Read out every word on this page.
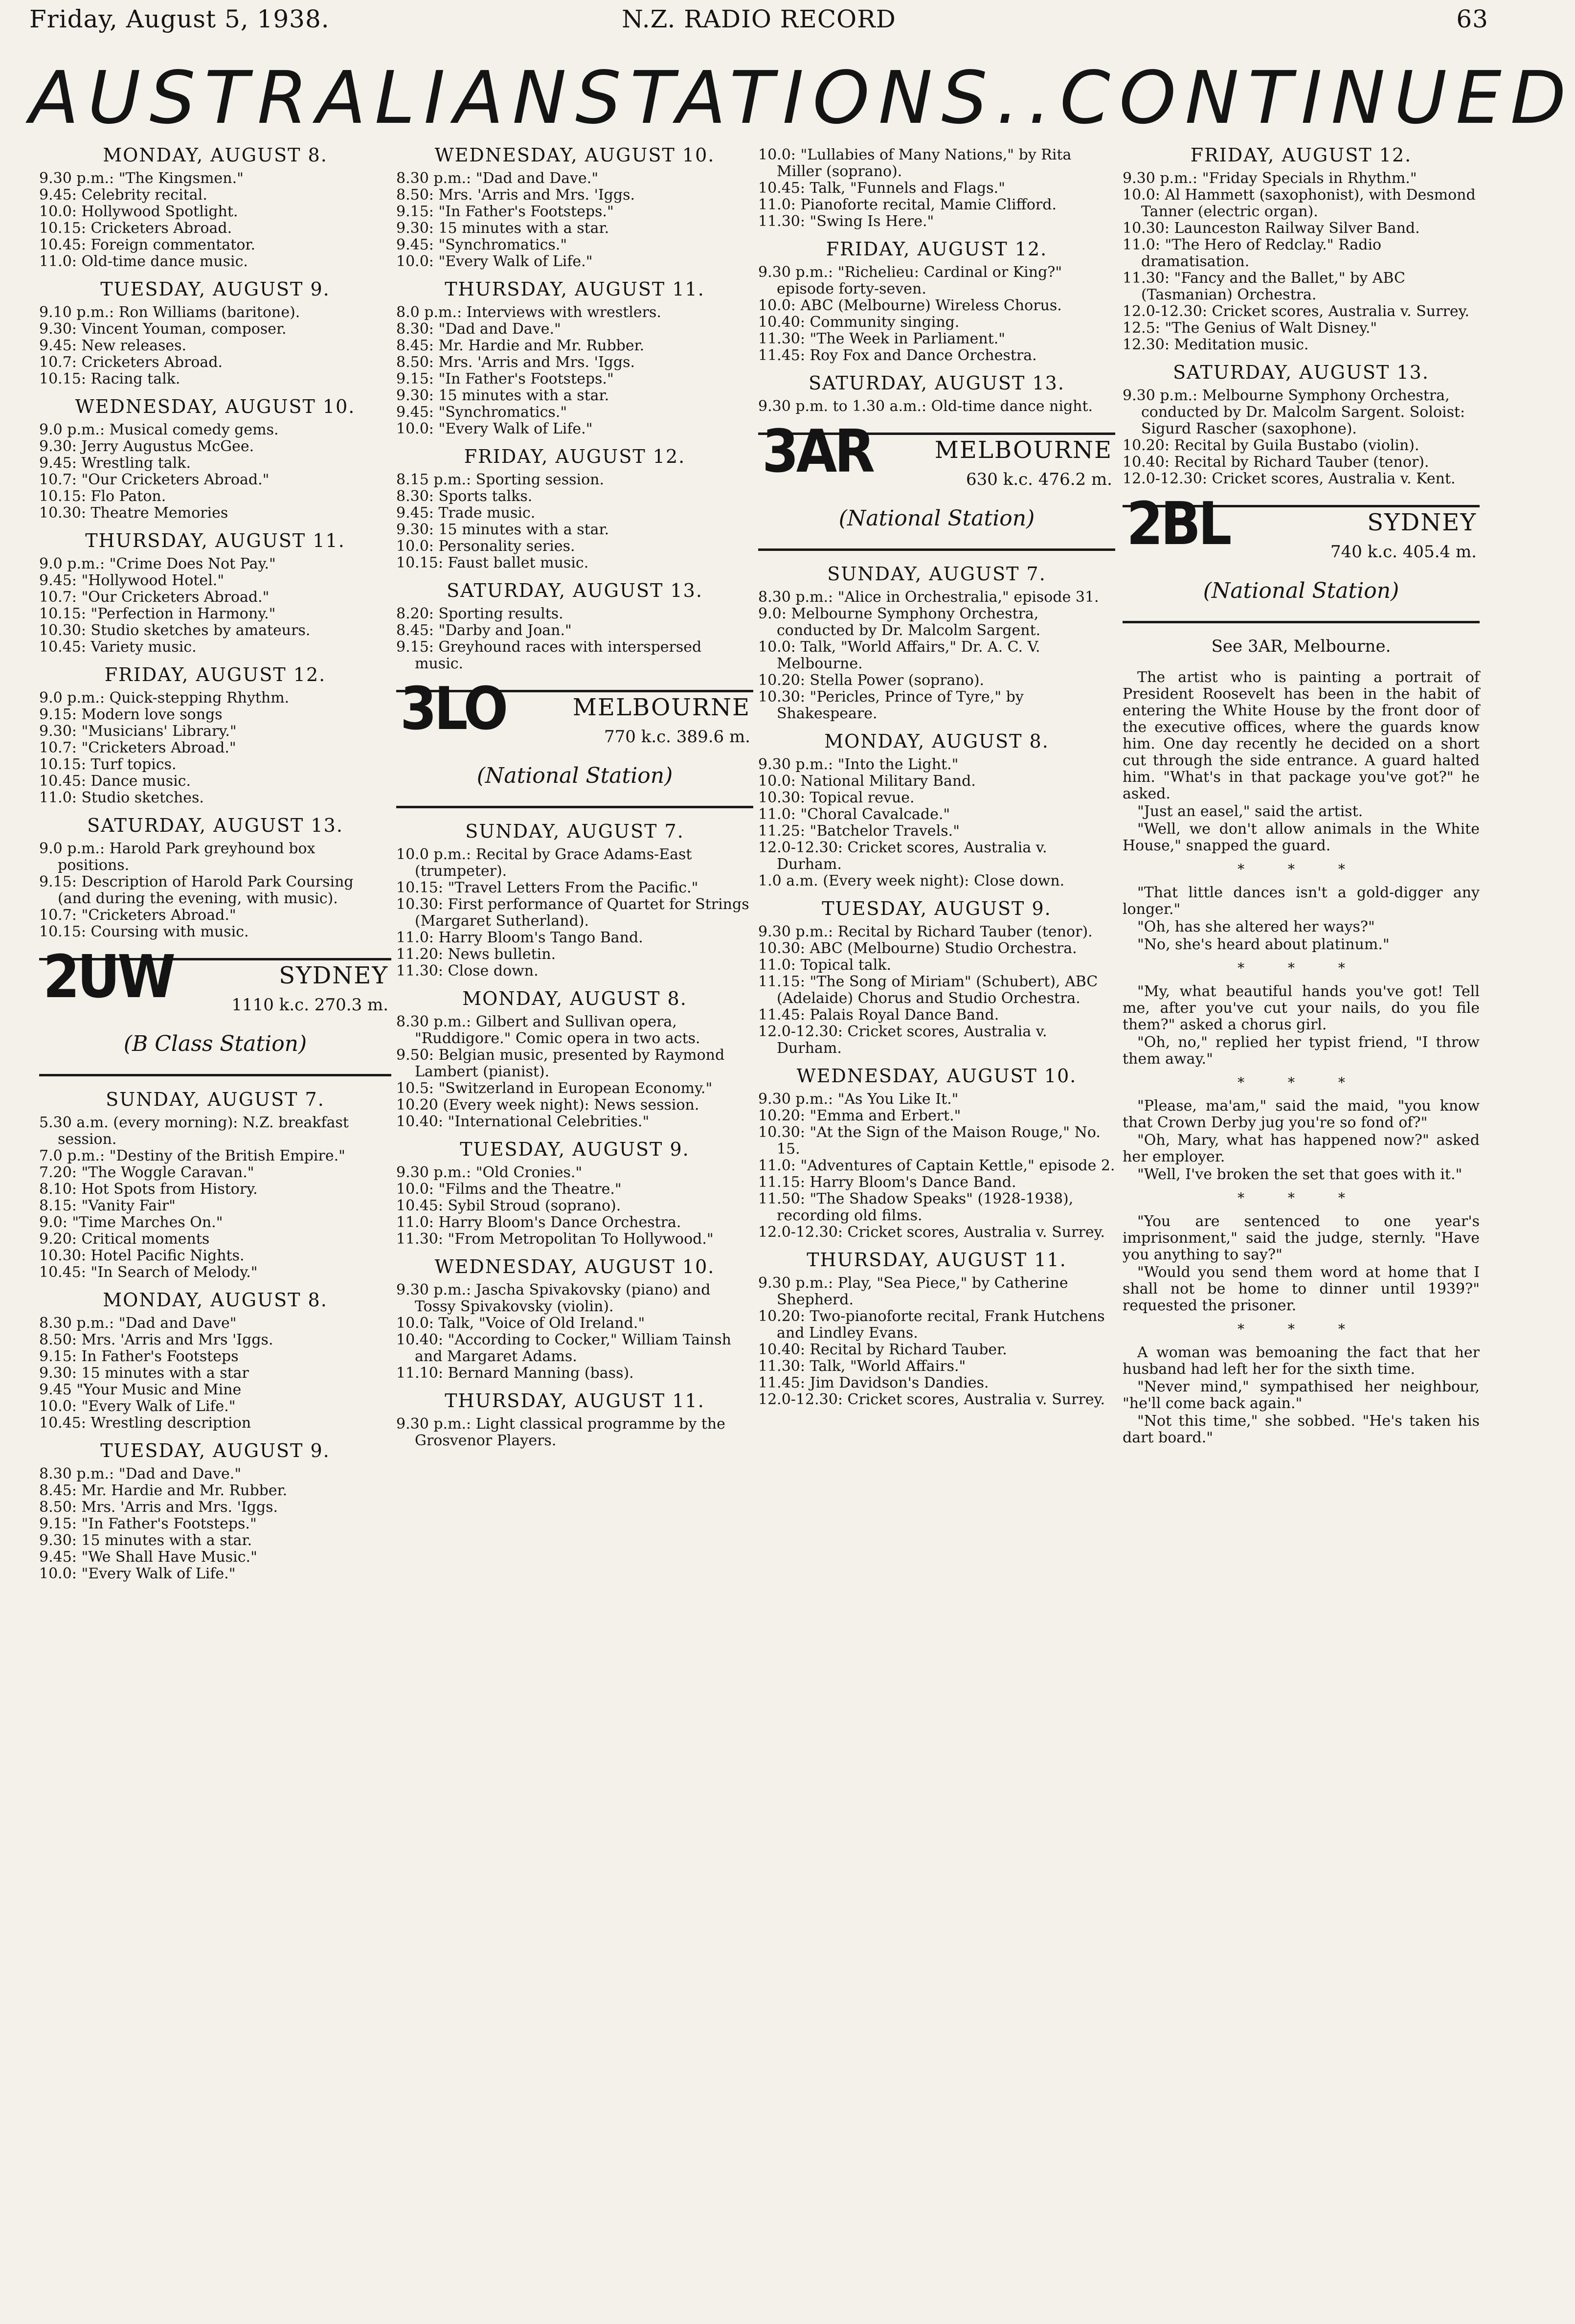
Friday, August 5, 1938.	N.Z. RADIO RECORD	63
AUSTRALIAN STATIONS . . CONTINUED
MONDAY, AUGUST 8.

9.30 p.m.: "The Kingsmen."

9.45: Celebrity recital.

10.0: Hollywood Spotlight.

10.15: Cricketers Abroad.

10.45: Foreign commentator.

11.0: Old-time dance music.

TUESDAY, AUGUST 9.

9.10 p.m.: Ron Williams (baritone).

9.30: Vincent Youman, composer.

9.45: New releases.

10.7: Cricketers Abroad.

10.15: Racing talk.

WEDNESDAY, AUGUST 10.

9.0 p.m.: Musical comedy gems.

9.30: Jerry Augustus McGee.

9.45: Wrestling talk.

10.7: "Our Cricketers Abroad."

10.15: Flo Paton.

10.30: Theatre Memories

THURSDAY, AUGUST 11.

9.0 p.m.: "Crime Does Not Pay."

9.45: "Hollywood Hotel."

10.7: "Our Cricketers Abroad."

10.15: "Perfection in Harmony."

10.30: Studio sketches by amateurs.

10.45: Variety music.

FRIDAY, AUGUST 12.

9.0 p.m.: Quick-stepping Rhythm.

9.15: Modern love songs

9.30: "Musicians' Library."

10.7: "Cricketers Abroad."

10.15: Turf topics.

10.45: Dance music.

11.0: Studio sketches.

SATURDAY, AUGUST 13.

9.0 p.m.: Harold Park greyhound box positions.

9.15: Description of Harold Park Coursing (and during the evening, with music).

10.7: "Cricketers Abroad."

10.15: Coursing with music.

2UW	SYDNEY
1110 k.c. 270.3 m.
(B Class Station)
SUNDAY, AUGUST 7.

5.30 a.m. (every morning): N.Z. breakfast session.

7.0 p.m.: "Destiny of the British Empire."

7.20: "The Woggle Caravan."

8.10: Hot Spots from History.

8.15: "Vanity Fair"

9.0: "Time Marches On."

9.20: Critical moments

10.30: Hotel Pacific Nights.

10.45: "In Search of Melody."

MONDAY, AUGUST 8.

8.30 p.m.: "Dad and Dave"

8.50: Mrs. 'Arris and Mrs 'Iggs.

9.15: In Father's Footsteps

9.30: 15 minutes with a star

9.45 "Your Music and Mine

10.0: "Every Walk of Life."

10.45: Wrestling description

TUESDAY, AUGUST 9.

8.30 p.m.: "Dad and Dave."

8.45: Mr. Hardie and Mr. Rubber.

8.50: Mrs. 'Arris and Mrs. 'Iggs.

9.15: "In Father's Footsteps."

9.30: 15 minutes with a star.

9.45: "We Shall Have Music."

10.0: "Every Walk of Life."

WEDNESDAY, AUGUST 10.

8.30 p.m.: "Dad and Dave."

8.50: Mrs. 'Arris and Mrs. 'Iggs.

9.15: "In Father's Footsteps."

9.30: 15 minutes with a star.

9.45: "Synchromatics."

10.0: "Every Walk of Life."

THURSDAY, AUGUST 11.

8.0 p.m.: Interviews with wrestlers.

8.30: "Dad and Dave."

8.45: Mr. Hardie and Mr. Rubber.

8.50: Mrs. 'Arris and Mrs. 'Iggs.

9.15: "In Father's Footsteps."

9.30: 15 minutes with a star.

9.45: "Synchromatics."

10.0: "Every Walk of Life."

FRIDAY, AUGUST 12.

8.15 p.m.: Sporting session.

8.30: Sports talks.

9.45: Trade music.

9.30: 15 minutes with a star.

10.0: Personality series.

10.15: Faust ballet music.

SATURDAY, AUGUST 13.

8.20: Sporting results.

8.45: "Darby and Joan."

9.15: Greyhound races with interspersed music.

3LO	MELBOURNE
770 k.c. 389.6 m.
(National Station)
SUNDAY, AUGUST 7.

10.0 p.m.: Recital by Grace Adams-East (trumpeter).

10.15: "Travel Letters From the Pacific."

10.30: First performance of Quartet for Strings (Margaret Sutherland).

11.0: Harry Bloom's Tango Band.

11.20: News bulletin.

11.30: Close down.

MONDAY, AUGUST 8.

8.30 p.m.: Gilbert and Sullivan opera, "Ruddigore." Comic opera in two acts.

9.50: Belgian music, presented by Raymond Lambert (pianist).

10.5: "Switzerland in European Economy."

10.20 (Every week night): News session.

10.40: "International Celebrities."

TUESDAY, AUGUST 9.

9.30 p.m.: "Old Cronies."

10.0: "Films and the Theatre."

10.45: Sybil Stroud (soprano).

11.0: Harry Bloom's Dance Orchestra.

11.30: "From Metropolitan To Hollywood."

WEDNESDAY, AUGUST 10.

9.30 p.m.: Jascha Spivakovsky (piano) and Tossy Spivakovsky (violin).

10.0: Talk, "Voice of Old Ireland."

10.40: "According to Cocker," William Tainsh and Margaret Adams.

11.10: Bernard Manning (bass).

THURSDAY, AUGUST 11.

9.30 p.m.: Light classical programme by the Grosvenor Players.

10.0: "Lullabies of Many Nations," by Rita Miller (soprano).

10.45: Talk, "Funnels and Flags."

11.0: Pianoforte recital, Mamie Clifford.

11.30: "Swing Is Here."

FRIDAY, AUGUST 12.

9.30 p.m.: "Richelieu: Cardinal or King?" episode forty-seven.

10.0: ABC (Melbourne) Wireless Chorus.

10.40: Community singing.

11.30: "The Week in Parliament."

11.45: Roy Fox and Dance Orchestra.

SATURDAY, AUGUST 13.

9.30 p.m. to 1.30 a.m.: Old-time dance night.

3AR	MELBOURNE
630 k.c. 476.2 m.
(National Station)
SUNDAY, AUGUST 7.

8.30 p.m.: "Alice in Orchestralia," episode 31.

9.0: Melbourne Symphony Orchestra, conducted by Dr. Malcolm Sargent.

10.0: Talk, "World Affairs," Dr. A. C. V. Melbourne.

10.20: Stella Power (soprano).

10.30: "Pericles, Prince of Tyre," by Shakespeare.

MONDAY, AUGUST 8.

9.30 p.m.: "Into the Light."

10.0: National Military Band.

10.30: Topical revue.

11.0: "Choral Cavalcade."

11.25: "Batchelor Travels."

12.0-12.30: Cricket scores, Australia v. Durham.

1.0 a.m. (Every week night): Close down.

TUESDAY, AUGUST 9.

9.30 p.m.: Recital by Richard Tauber (tenor).

10.30: ABC (Melbourne) Studio Orchestra.

11.0: Topical talk.

11.15: "The Song of Miriam" (Schubert), ABC (Adelaide) Chorus and Studio Orchestra.

11.45: Palais Royal Dance Band.

12.0-12.30: Cricket scores, Australia v. Durham.

WEDNESDAY, AUGUST 10.

9.30 p.m.: "As You Like It."

10.20: "Emma and Erbert."

10.30: "At the Sign of the Maison Rouge," No. 15.

11.0: "Adventures of Captain Kettle," episode 2.

11.15: Harry Bloom's Dance Band.

11.50: "The Shadow Speaks" (1928-1938), recording old films.

12.0-12.30: Cricket scores, Australia v. Surrey.

THURSDAY, AUGUST 11.

9.30 p.m.: Play, "Sea Piece," by Catherine Shepherd.

10.20: Two-pianoforte recital, Frank Hutchens and Lindley Evans.

10.40: Recital by Richard Tauber.

11.30: Talk, "World Affairs."

11.45: Jim Davidson's Dandies.

12.0-12.30: Cricket scores, Australia v. Surrey.

FRIDAY, AUGUST 12.

9.30 p.m.: "Friday Specials in Rhythm."

10.0: Al Hammett (saxophonist), with Desmond Tanner (electric organ).

10.30: Launceston Railway Silver Band.

11.0: "The Hero of Redclay." Radio dramatisation.

11.30: "Fancy and the Ballet," by ABC (Tasmanian) Orchestra.

12.0-12.30: Cricket scores, Australia v. Surrey.

12.5: "The Genius of Walt Disney."

12.30: Meditation music.

SATURDAY, AUGUST 13.

9.30 p.m.: Melbourne Symphony Orchestra, conducted by Dr. Malcolm Sargent. Soloist: Sigurd Rascher (saxophone).

10.20: Recital by Guila Bustabo (violin).

10.40: Recital by Richard Tauber (tenor).

12.0-12.30: Cricket scores, Australia v. Kent.

2BL	SYDNEY
740 k.c. 405.4 m.
(National Station)
See 3AR, Melbourne.

The artist who is painting a portrait of President Roosevelt has been in the habit of entering the White House by the front door of the executive offices, where the guards know him. One day recently he decided on a short cut through the side entrance. A guard halted him. "What's in that package you've got?" he asked.

"Just an easel," said the artist.

"Well, we don't allow animals in the White House," snapped the guard.

* * *

"That little dances isn't a gold-digger any longer."

"Oh, has she altered her ways?"

"No, she's heard about platinum."

* * *

"My, what beautiful hands you've got! Tell me, after you've cut your nails, do you file them?" asked a chorus girl.

"Oh, no," replied her typist friend, "I throw them away."

* * *

"Please, ma'am," said the maid, "you know that Crown Derby jug you're so fond of?"

"Oh, Mary, what has happened now?" asked her employer.

"Well, I've broken the set that goes with it."

* * *

"You are sentenced to one year's imprisonment," said the judge, sternly. "Have you anything to say?"

"Would you send them word at home that I shall not be home to dinner until 1939?" requested the prisoner.

* * *

A woman was bemoaning the fact that her husband had left her for the sixth time.

"Never mind," sympathised her neighbour, "he'll come back again."

"Not this time," she sobbed. "He's taken his dart board."
